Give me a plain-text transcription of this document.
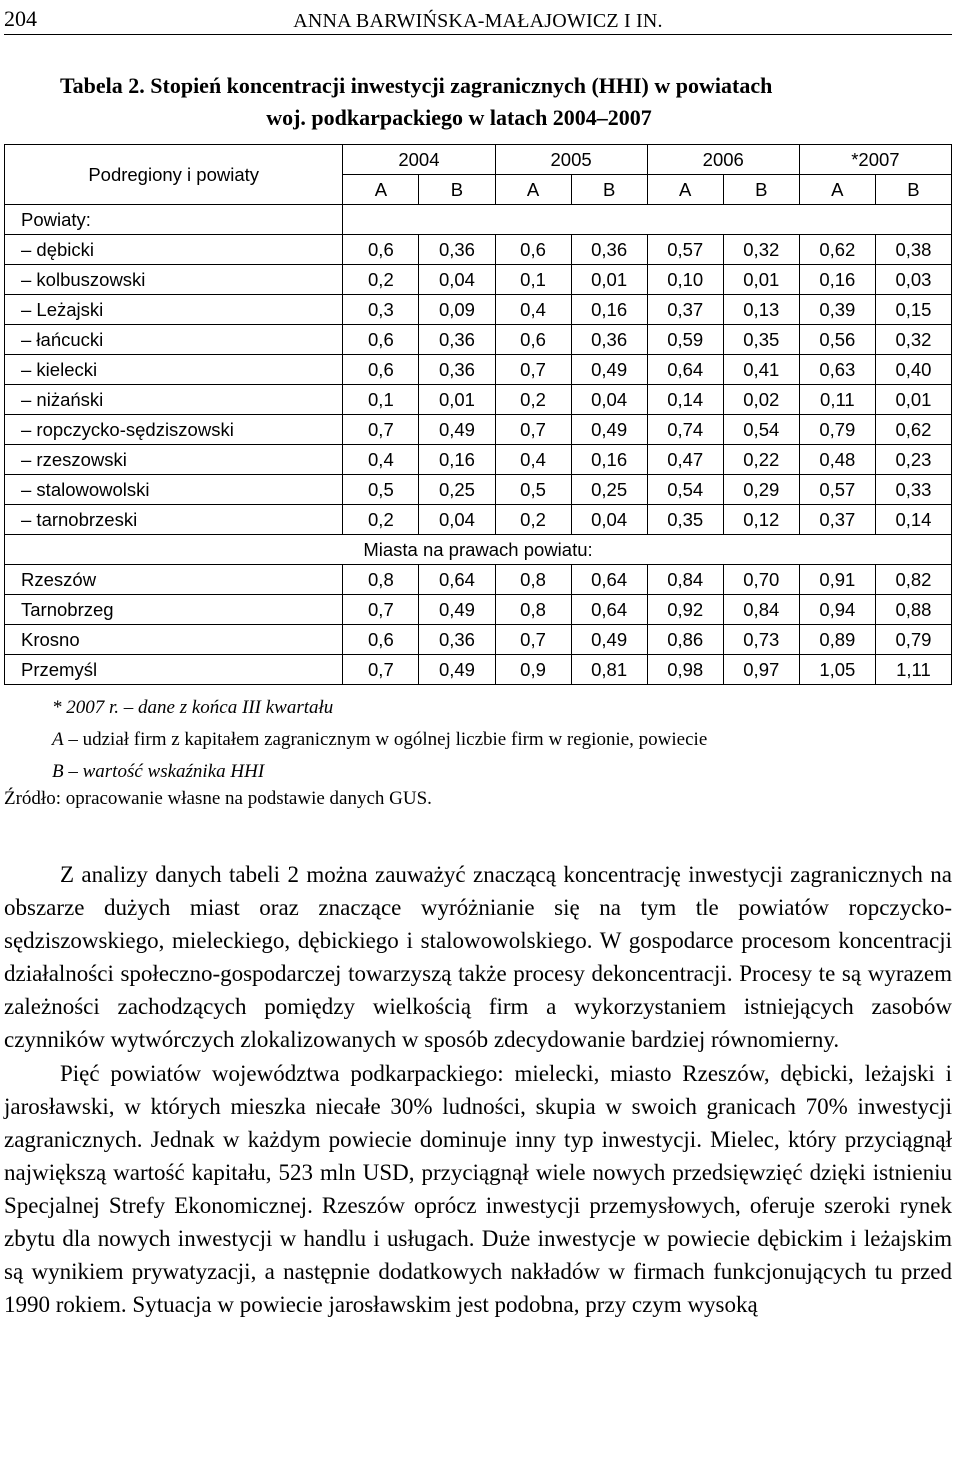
204	ANNA BARWIŃSKA-MAŁAJOWICZ I IN.
Tabela 2. Stopień koncentracji inwestycji zagranicznych (HHI) w powiatach
woj. podkarpackiego w latach 2004–2007
Podregiony i powiaty	2004		2005		2006		*2007	
	A	B	A	B	A	B	A	B
Powiaty:								
– dębicki	0,6	0,36	0,6	0,36	0,57	0,32	0,62	0,38
– kolbuszowski	0,2	0,04	0,1	0,01	0,10	0,01	0,16	0,03
– Leżajski	0,3	0,09	0,4	0,16	0,37	0,13	0,39	0,15
– łańcucki	0,6	0,36	0,6	0,36	0,59	0,35	0,56	0,32
– kielecki	0,6	0,36	0,7	0,49	0,64	0,41	0,63	0,40
– niżański	0,1	0,01	0,2	0,04	0,14	0,02	0,11	0,01
– ropczycko-sędziszowski	0,7	0,49	0,7	0,49	0,74	0,54	0,79	0,62
– rzeszowski	0,4	0,16	0,4	0,16	0,47	0,22	0,48	0,23
– stalowowolski	0,5	0,25	0,5	0,25	0,54	0,29	0,57	0,33
– tarnobrzeski	0,2	0,04	0,2	0,04	0,35	0,12	0,37	0,14
Miasta na prawach powiatu:								
Rzeszów	0,8	0,64	0,8	0,64	0,84	0,70	0,91	0,82
Tarnobrzeg	0,7	0,49	0,8	0,64	0,92	0,84	0,94	0,88
Krosno	0,6	0,36	0,7	0,49	0,86	0,73	0,89	0,79
Przemyśl	0,7	0,49	0,9	0,81	0,98	0,97	1,05	1,11
* 2007 r. – dane z końca III kwartału
A – udział firm z kapitałem zagranicznym w ogólnej liczbie firm w regionie, powiecie
B – wartość wskaźnika HHI
Źródło: opracowanie własne na podstawie danych GUS.

Z analizy danych tabeli 2 można zauważyć znaczącą koncentrację inwestycji zagranicznych na obszarze dużych miast oraz znaczące wyróżnianie się na tym tle powiatów ropczycko-sędziszowskiego, mieleckiego, dębickiego i stalowowolskiego. W gospodarce procesom koncentracji działalności społeczno-gospodarczej towarzyszą także procesy dekoncentracji. Procesy te są wyrazem zależności zachodzących pomiędzy wielkością firm a wykorzystaniem istniejących zasobów czynników wytwórczych zlokalizowanych w sposób zdecydowanie bardziej równomierny.

Pięć powiatów województwa podkarpackiego: mielecki, miasto Rzeszów, dębicki, leżajski i jarosławski, w których mieszka niecałe 30% ludności, skupia w swoich granicach 70% inwestycji zagranicznych. Jednak w każdym powiecie dominuje inny typ inwestycji. Mielec, który przyciągnął największą wartość kapitału, 523 mln USD, przyciągnął wiele nowych przedsięwzięć dzięki istnieniu Specjalnej Strefy Ekonomicznej. Rzeszów oprócz inwestycji przemysłowych, oferuje szeroki rynek zbytu dla nowych inwestycji w handlu i usługach. Duże inwestycje w powiecie dębickim i leżajskim są wynikiem prywatyzacji, a następnie dodatkowych nakładów w firmach funkcjonujących tu przed 1990 rokiem. Sytuacja w powiecie jarosławskim jest podobna, przy czym wysoką
